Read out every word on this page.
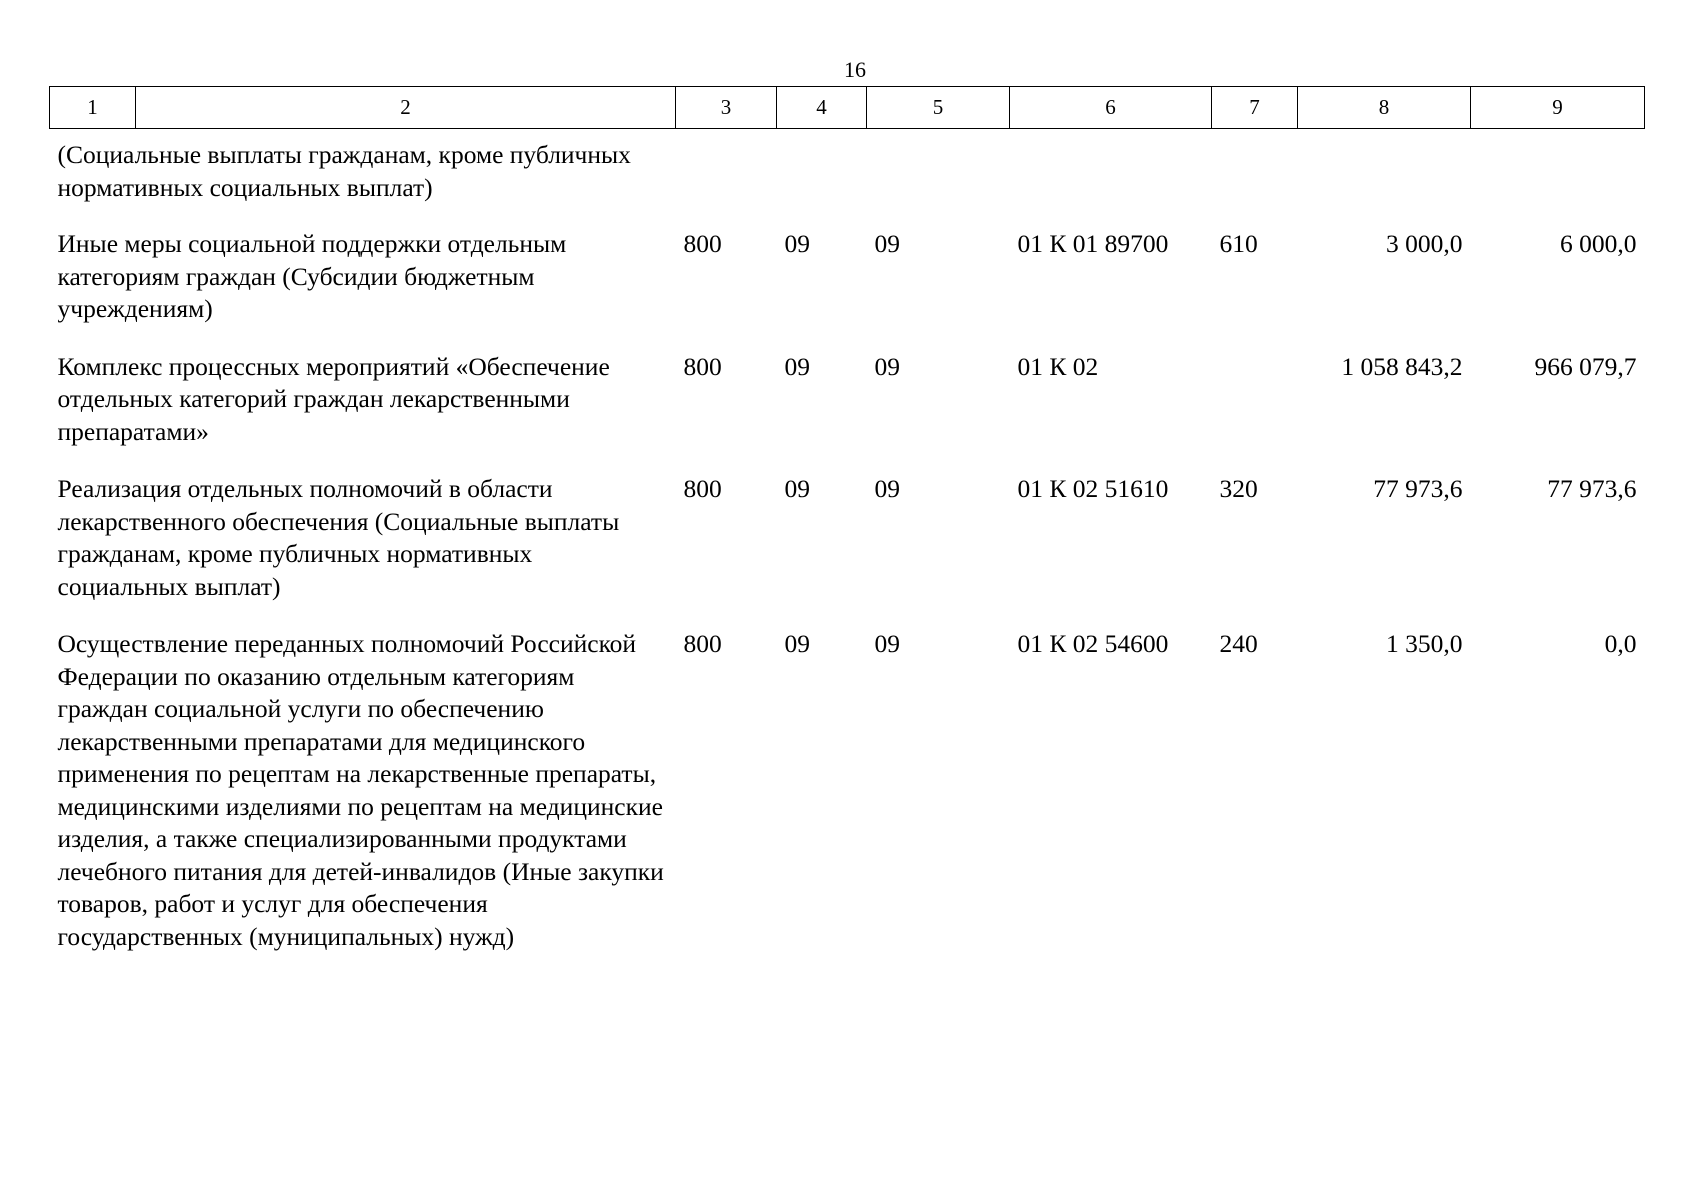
16
1	2	3	4	5	6	7	8	9
(Социальные выплаты гражданам, кроме публичных нормативных социальных выплат)								
Иные меры социальной поддержки отдельным категориям граждан (Субсидии бюджетным учреждениям)		800	09	09	01 К 01 89700	610	3 000,0	6 000,0
Комплекс процессных мероприятий «Обеспечение отдельных категорий граждан лекарственными препаратами»		800	09	09	01 К 02		1 058 843,2	966 079,7
Реализация отдельных полномочий в области лекарственного обеспечения (Социальные выплаты гражданам, кроме публичных нормативных социальных выплат)		800	09	09	01 К 02 51610	320	77 973,6	77 973,6
Осуществление переданных полномочий Российской Федерации по оказанию отдельным категориям граждан социальной услуги по обеспечению лекарственными препаратами для медицинского применения по рецептам на лекарственные препараты, медицинскими изделиями по рецептам на медицинские изделия, а также специализированными продуктами лечебного питания для детей-инвалидов (Иные закупки товаров, работ и услуг для обеспечения государственных (муниципальных) нужд)		800	09	09	01 К 02 54600	240	1 350,0	0,0
